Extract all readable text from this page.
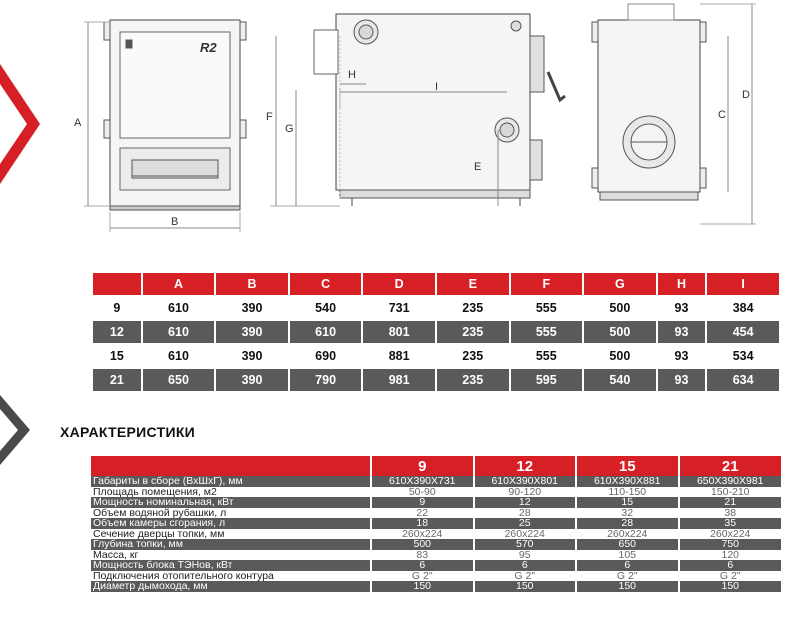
A
B
F
G
H
I
E
C
D
R2
	A	B	C	D	E	F	G	H	I
9	610	390	540	731	235	555	500	93	384
12	610	390	610	801	235	555	500	93	454
15	610	390	690	881	235	555	500	93	534
21	650	390	790	981	235	595	540	93	634
ХАРАКТЕРИСТИКИ
	9	12	15	21
Габариты в сборе (ВхШхГ), мм	610X390X731	610X390X801	610X390X881	650X390X981
Площадь помещения, м2	50-90	90-120	110-150	150-210
Мощность номинальная, кВт	9	12	15	21
Объем водяной рубашки, л	22	28	32	38
Объем камеры сгорания, л	18	25	28	35
Сечение дверцы топки, мм	260x224	260x224	260x224	260x224
Глубина топки, мм	500	570	650	750
Масса, кг	83	95	105	120
Мощность блока ТЭНов, кВт	6	6	6	6
Подключения отопительного контура	G 2"	G 2"	G 2"	G 2"
Диаметр дымохода, мм	150	150	150	150
